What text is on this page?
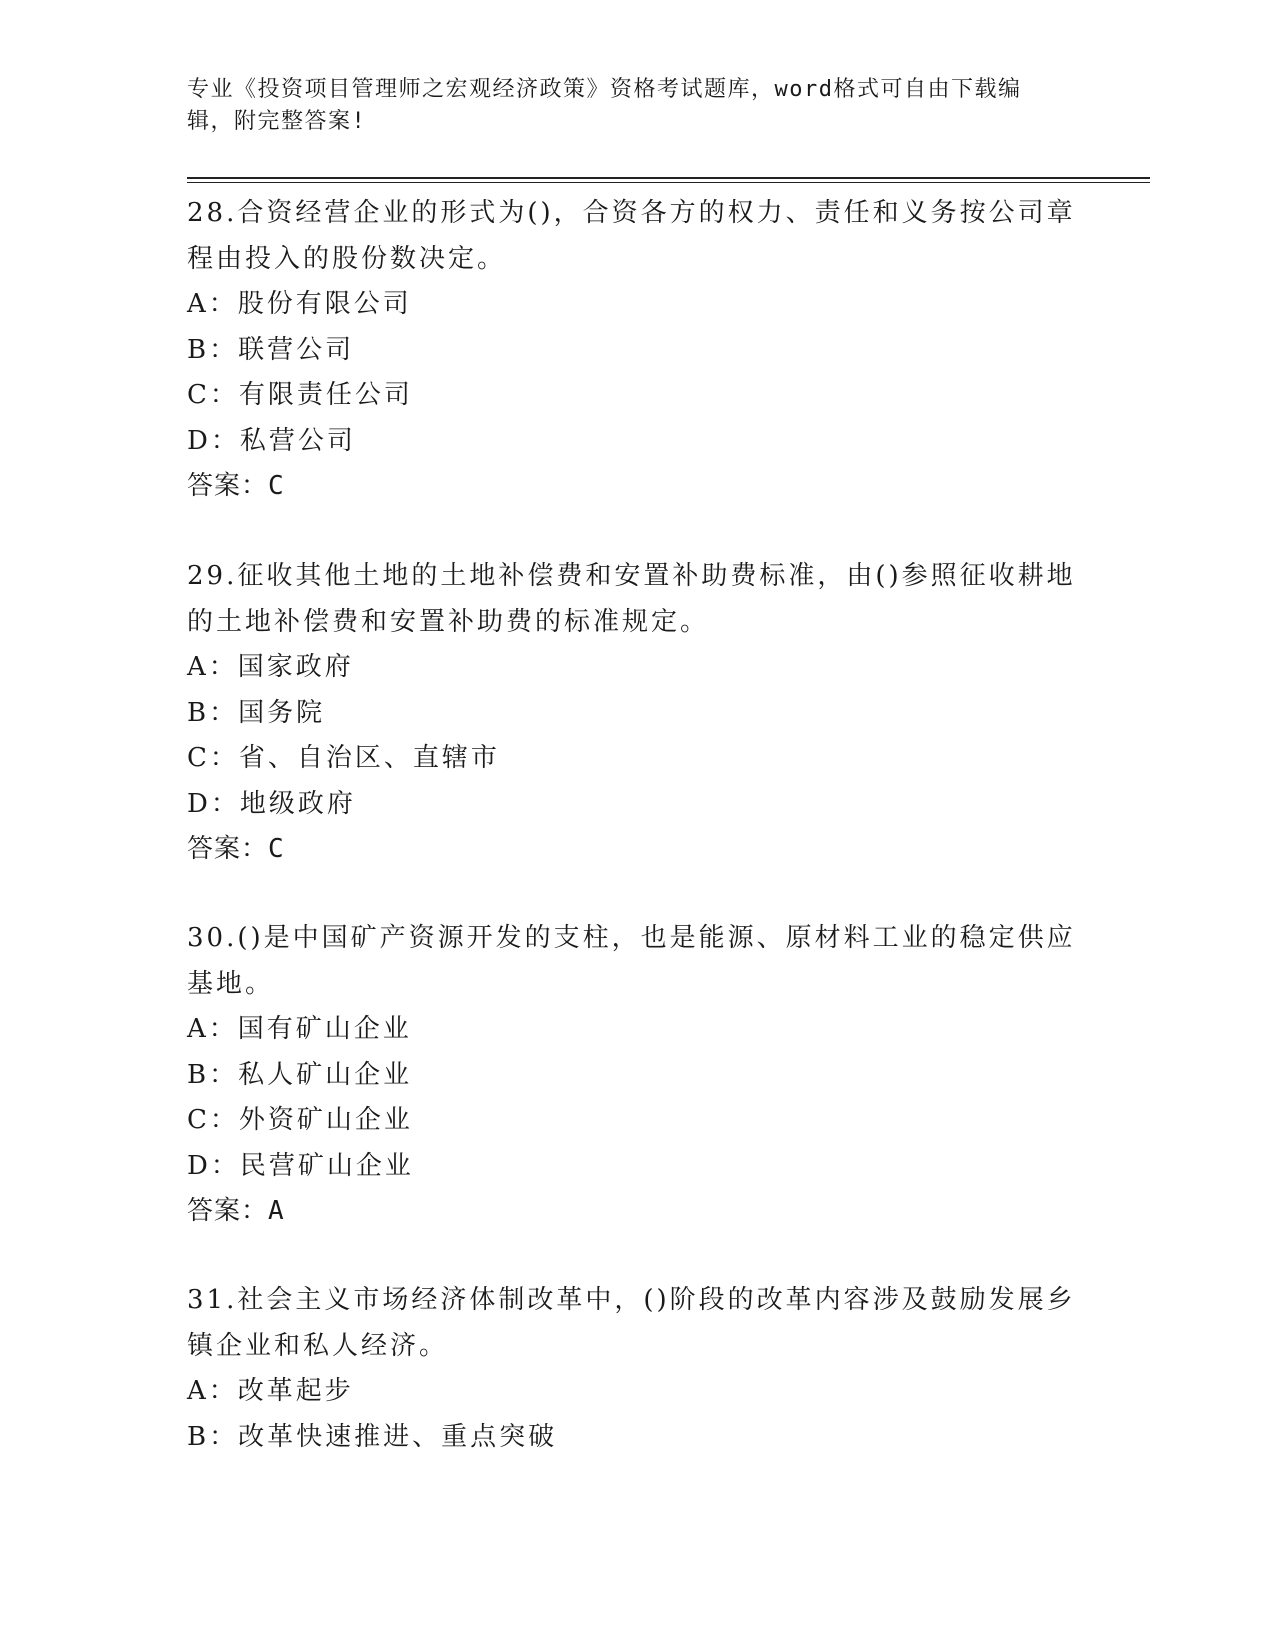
专业《投资项目管理师之宏观经济政策》资格考试题库，word格式可自由下载编辑，附完整答案!

28.合资经营企业的形式为()，合资各方的权力、责任和义务按公司章程由投入的股份数决定。

A：股份有限公司

B：联营公司

C：有限责任公司

D：私营公司

答案：C

29.征收其他土地的土地补偿费和安置补助费标准，由()参照征收耕地的土地补偿费和安置补助费的标准规定。

A：国家政府

B：国务院

C：省、自治区、直辖市

D：地级政府

答案：C

30.()是中国矿产资源开发的支柱，也是能源、原材料工业的稳定供应基地。

A：国有矿山企业

B：私人矿山企业

C：外资矿山企业

D：民营矿山企业

答案：A

31.社会主义市场经济体制改革中，()阶段的改革内容涉及鼓励发展乡镇企业和私人经济。

A：改革起步

B：改革快速推进、重点突破
